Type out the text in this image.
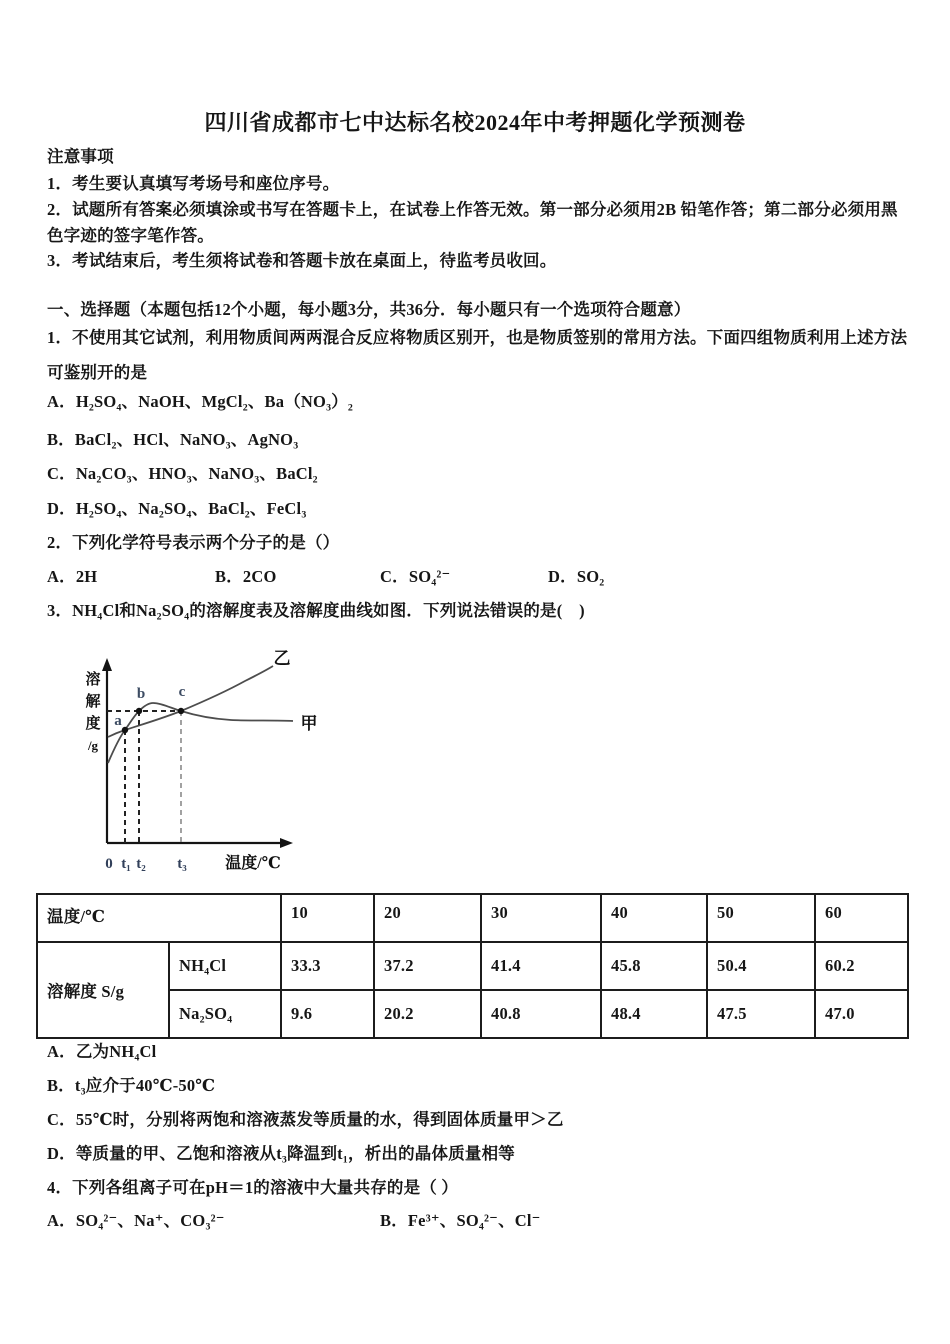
四川省成都市七中达标名校2024年中考押题化学预测卷
注意事项
1．考生要认真填写考场号和座位序号。
2．试题所有答案必须填涂或书写在答题卡上，在试卷上作答无效。第一部分必须用2B 铅笔作答；第二部分必须用黑
色字迹的签字笔作答。
3．考试结束后，考生须将试卷和答题卡放在桌面上，待监考员收回。
一、选择题（本题包括12个小题，每小题3分，共36分．每小题只有一个选项符合题意）
1．不使用其它试剂，利用物质间两两混合反应将物质区别开，也是物质签别的常用方法。下面四组物质利用上述方法
可鉴别开的是
A．H₂SO₄、NaOH、MgCl₂、Ba（NO₃）₂
B．BaCl₂、HCl、NaNO₃、AgNO₃
C．Na₂CO₃、HNO₃、NaNO₃、BaCl₂
D．H₂SO₄、Na₂SO₄、BaCl₂、FeCl₃
2．下列化学符号表示两个分子的是（）
A．2H	B．2CO	C．SO₄²⁻	D．SO₂
3．NH₄Cl和Na₂SO₄的溶解度表及溶解度曲线如图．下列说法错误的是(　)
a
b c
溶
解
度
/g
0 t₁ t₂ t₃ 温度/℃
甲
乙
温度/℃		10	20	30	40	50	60
溶解度 S/g	NH₄Cl	33.3	37.2	41.4	45.8	50.4	60.2
	Na₂SO₄	9.6	20.2	40.8	48.4	47.5	47.0
A．乙为NH₄Cl
B．t₃应介于40℃‐50℃
C．55℃时，分别将两饱和溶液蒸发等质量的水，得到固体质量甲＞乙
D．等质量的甲、乙饱和溶液从t₃降温到t₁，析出的晶体质量相等
4．下列各组离子可在pH＝1的溶液中大量共存的是（ ）
A．SO₄²⁻、Na⁺、CO₃²⁻	B．Fe³⁺、SO₄²⁻、Cl⁻
